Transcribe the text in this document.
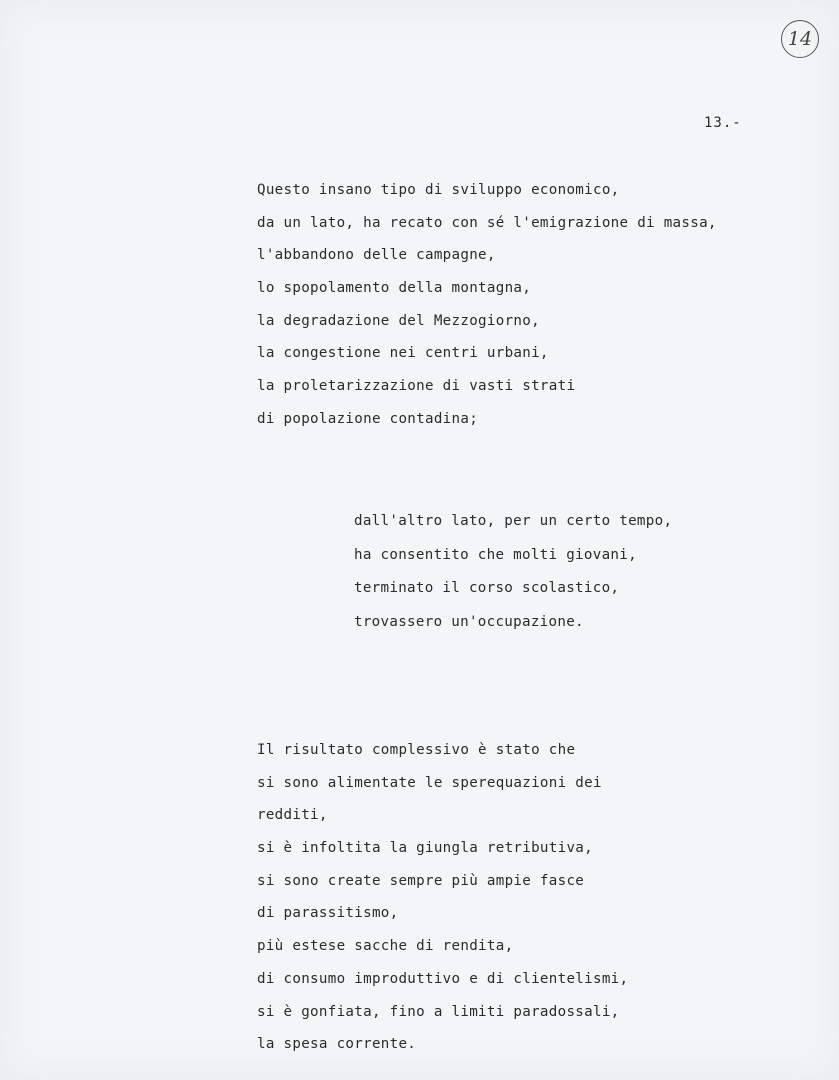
14
13.-
Questo insano tipo di sviluppo economico,
da un lato, ha recato con sé l'emigrazione di massa,
l'abbandono delle campagne,
lo spopolamento della montagna,
la degradazione del Mezzogiorno,
la congestione nei centri urbani,
la proletarizzazione di vasti strati
di popolazione contadina;
dall'altro lato, per un certo tempo,
ha consentito che molti giovani,
terminato il corso scolastico,
trovassero un'occupazione.
Il risultato complessivo è stato che
si sono alimentate le sperequazioni dei
redditi,
si è infoltita la giungla retributiva,
si sono create sempre più ampie fasce
di parassitismo,
più estese sacche di rendita,
di consumo improduttivo e di clientelismi,
si è gonfiata, fino a limiti paradossali,
la spesa corrente.
